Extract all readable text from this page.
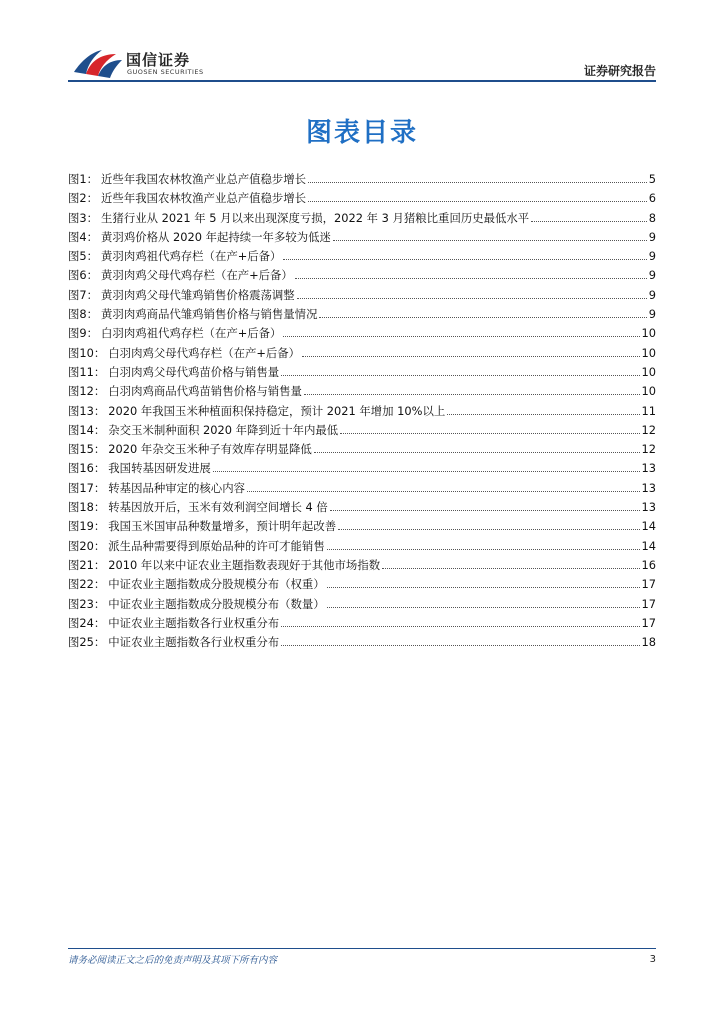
国信证券
GUOSEN SECURITIES	证券研究报告
图表目录
图1： 近些年我国农林牧渔产业总产值稳步增长	5
图2： 近些年我国农林牧渔产业总产值稳步增长	6
图3： 生猪行业从 2021 年 5 月以来出现深度亏损，2022 年 3 月猪粮比重回历史最低水平	8
图4： 黄羽鸡价格从 2020 年起持续一年多较为低迷	9
图5： 黄羽肉鸡祖代鸡存栏（在产+后备）	9
图6： 黄羽肉鸡父母代鸡存栏（在产+后备）	9
图7： 黄羽肉鸡父母代雏鸡销售价格震荡调整	9
图8： 黄羽肉鸡商品代雏鸡销售价格与销售量情况	9
图9： 白羽肉鸡祖代鸡存栏（在产+后备）	10
图10： 白羽肉鸡父母代鸡存栏（在产+后备）	10
图11： 白羽肉鸡父母代鸡苗价格与销售量	10
图12： 白羽肉鸡商品代鸡苗销售价格与销售量	10
图13： 2020 年我国玉米种植面积保持稳定，预计 2021 年增加 10%以上	11
图14： 杂交玉米制种面积 2020 年降到近十年内最低	12
图15： 2020 年杂交玉米种子有效库存明显降低	12
图16： 我国转基因研发进展	13
图17： 转基因品种审定的核心内容	13
图18： 转基因放开后，玉米有效利润空间增长 4 倍	13
图19： 我国玉米国审品种数量增多，预计明年起改善	14
图20： 派生品种需要得到原始品种的许可才能销售	14
图21： 2010 年以来中证农业主题指数表现好于其他市场指数	16
图22： 中证农业主题指数成分股规模分布（权重）	17
图23： 中证农业主题指数成分股规模分布（数量）	17
图24： 中证农业主题指数各行业权重分布	17
图25： 中证农业主题指数各行业权重分布	18
请务必阅读正文之后的免责声明及其项下所有内容	3
